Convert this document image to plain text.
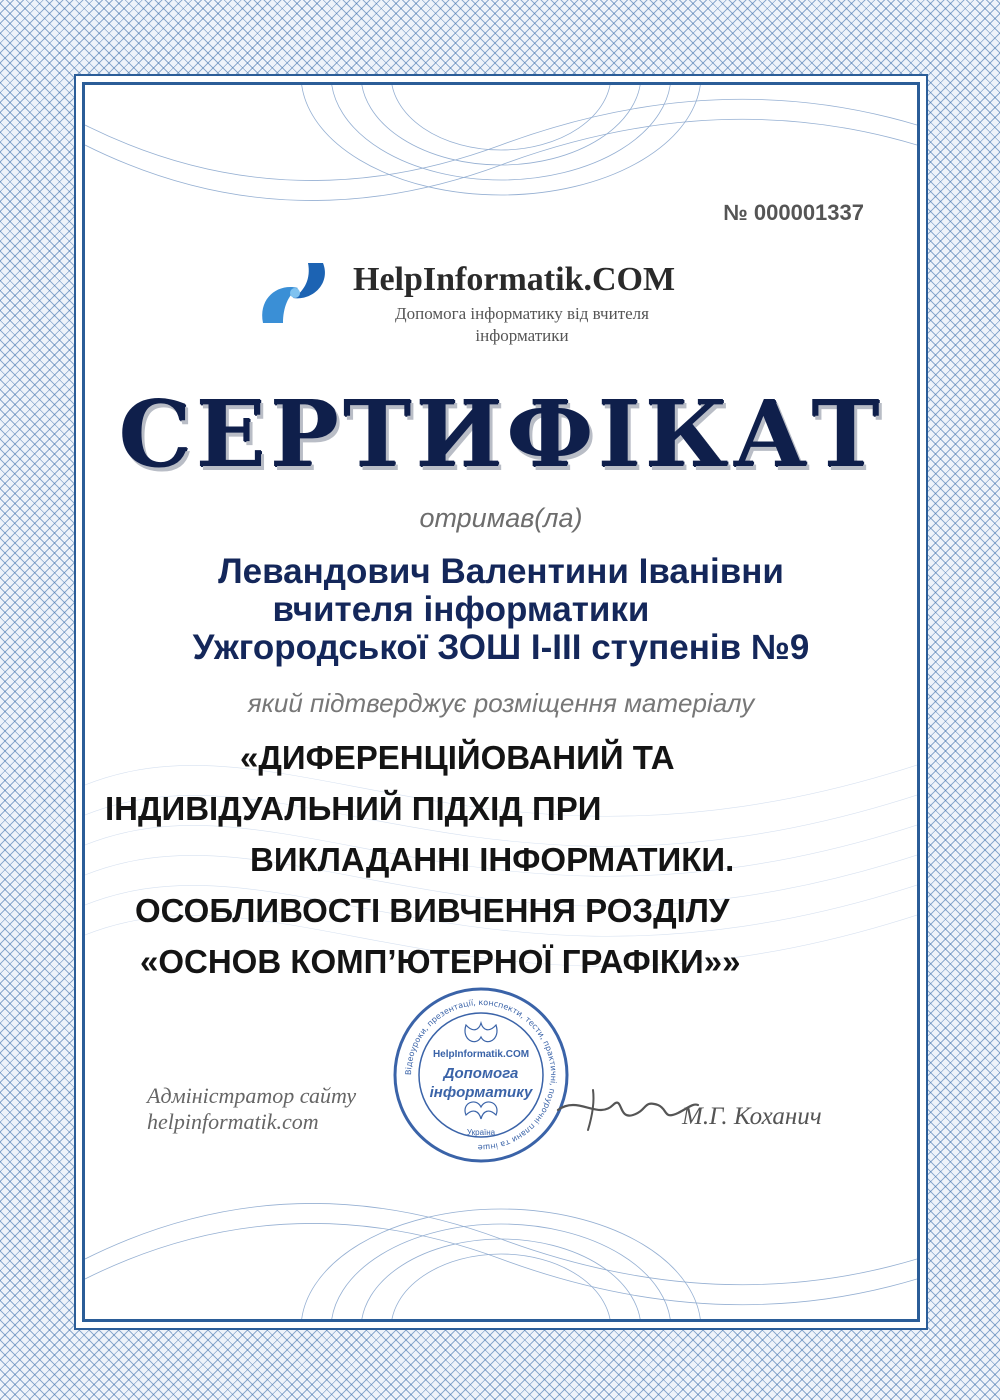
№ 000001337
HelpInformatik.COM
Допомога інформатику від вчителя
інформатики
СЕРТИФІКАТ
отримав(ла)
Левандович Валентини Іванівни

вчителя інформатики
Ужгородської ЗОШ І-ІІІ ступенів №9
який підтверджує розміщення матеріалу
«ДИФЕРЕНЦІЙОВАНИЙ ТА
ІНДИВІДУАЛЬНИЙ ПІДХІД ПРИ
ВИКЛАДАННІ ІНФОРМАТИКИ.
ОСОБЛИВОСТІ ВИВЧЕННЯ РОЗДІЛУ
«ОСНОВ КОМП’ЮТЕРНОЇ ГРАФІКИ»»
Адміністратор сайту
helpinformatik.com
Відеоуроки, презентації, конспекти, тести, практичні, поурочні плани та інше
HelpInformatik.COM
Допомога
інформатику
Україна
М.Г. Коханич
